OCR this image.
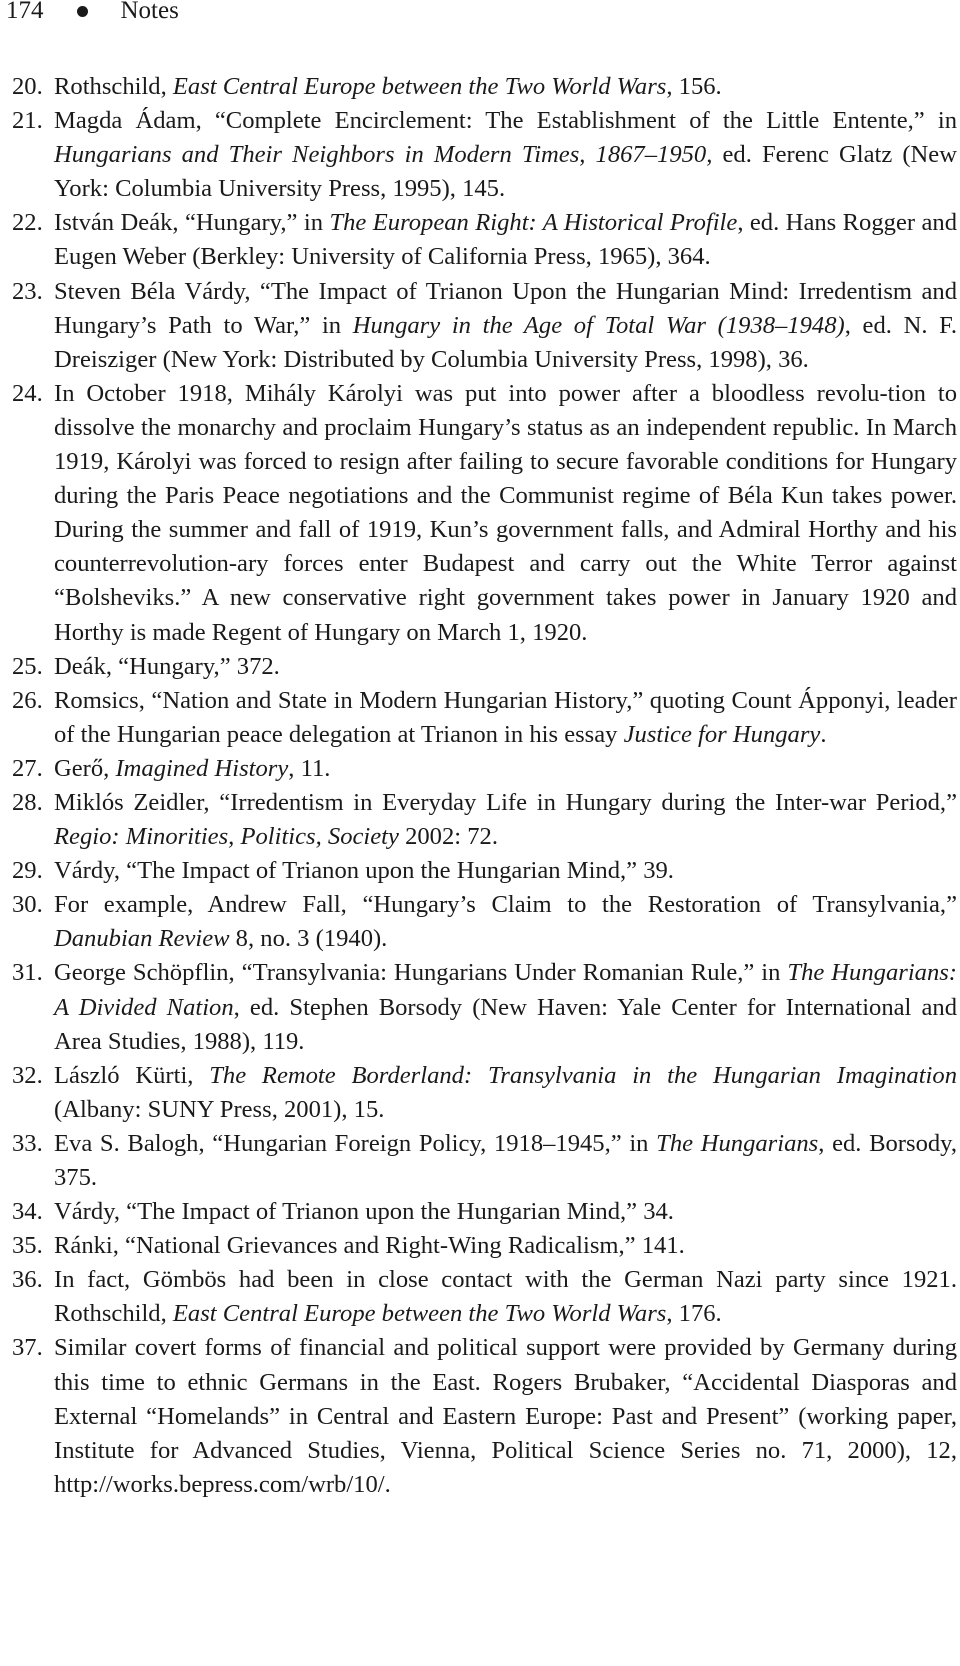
174	Notes
20. Rothschild, East Central Europe between the Two World Wars, 156.
21. Magda Ádam, “Complete Encirclement: The Establishment of the Little Entente,” in Hungarians and Their Neighbors in Modern Times, 1867–1950, ed. Ferenc Glatz (New York: Columbia University Press, 1995), 145.
22. István Deák, “Hungary,” in The European Right: A Historical Profile, ed. Hans Rogger and Eugen Weber (Berkley: University of California Press, 1965), 364.
23. Steven Béla Várdy, “The Impact of Trianon Upon the Hungarian Mind: Irredentism and Hungary’s Path to War,” in Hungary in the Age of Total War (1938–1948), ed. N. F. Dreisziger (New York: Distributed by Columbia University Press, 1998), 36.
24. In October 1918, Mihály Károlyi was put into power after a bloodless revolu-tion to dissolve the monarchy and proclaim Hungary’s status as an independent republic. In March 1919, Károlyi was forced to resign after failing to secure favorable conditions for Hungary during the Paris Peace negotiations and the Communist regime of Béla Kun takes power. During the summer and fall of 1919, Kun’s government falls, and Admiral Horthy and his counterrevolution-ary forces enter Budapest and carry out the White Terror against “Bolsheviks.” A new conservative right government takes power in January 1920 and Horthy is made Regent of Hungary on March 1, 1920.
25. Deák, “Hungary,” 372.
26. Romsics, “Nation and State in Modern Hungarian History,” quoting Count Ápponyi, leader of the Hungarian peace delegation at Trianon in his essay Justice for Hungary.
27. Gerő, Imagined History, 11.
28. Miklós Zeidler, “Irredentism in Everyday Life in Hungary during the Inter-war Period,” Regio: Minorities, Politics, Society 2002: 72.
29. Várdy, “The Impact of Trianon upon the Hungarian Mind,” 39.
30. For example, Andrew Fall, “Hungary’s Claim to the Restoration of Transylvania,” Danubian Review 8, no. 3 (1940).
31. George Schöpflin, “Transylvania: Hungarians Under Romanian Rule,” in The Hungarians: A Divided Nation, ed. Stephen Borsody (New Haven: Yale Center for International and Area Studies, 1988), 119.
32. László Kürti, The Remote Borderland: Transylvania in the Hungarian Imagination (Albany: SUNY Press, 2001), 15.
33. Eva S. Balogh, “Hungarian Foreign Policy, 1918–1945,” in The Hungarians, ed. Borsody, 375.
34. Várdy, “The Impact of Trianon upon the Hungarian Mind,” 34.
35. Ránki, “National Grievances and Right-Wing Radicalism,” 141.
36. In fact, Gömbös had been in close contact with the German Nazi party since 1921. Rothschild, East Central Europe between the Two World Wars, 176.
37. Similar covert forms of financial and political support were provided by Germany during this time to ethnic Germans in the East. Rogers Brubaker, “Accidental Diasporas and External “Homelands” in Central and Eastern Europe: Past and Present” (working paper, Institute for Advanced Studies, Vienna, Political Science Series no. 71, 2000), 12, http://works.bepress.com/wrb/10/.
